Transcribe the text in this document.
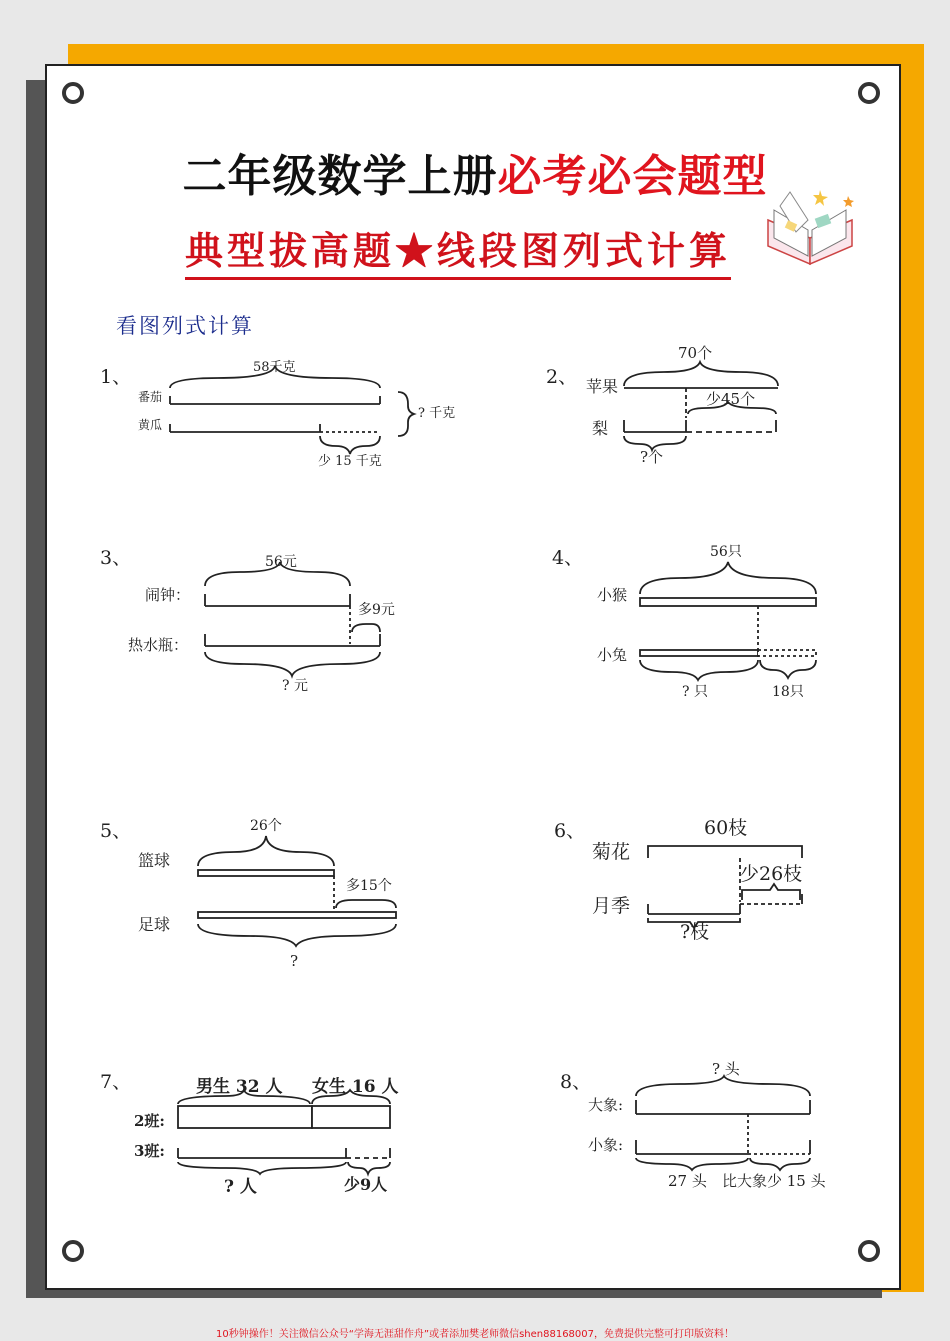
二年级数学上册必考必会题型
典型拔高题★线段图列式计算
看图列式计算
1、	2、
3、	4、
5、	6、
7、	8、
58千克
番茄
黄瓜
? 千克
少 15 千克
70个
苹果
梨
?个
少45个
56元
闹钟：
热水瓶：
? 元
多9元
56只
小猴
小兔
? 只	18只
26个
篮球
足球
?
多15个
60枝
菊花
月季
?枝
少26枝
男生 32 人 女生 16 人
2班:
3班:
? 人	少9人
? 头
大象:
小象:
27 头 比大象少 15 头
10秒钟操作！关注微信公众号“学海无涯甜作舟”或者添加樊老师微信shen88168007，免费提供完整可打印版资料！
